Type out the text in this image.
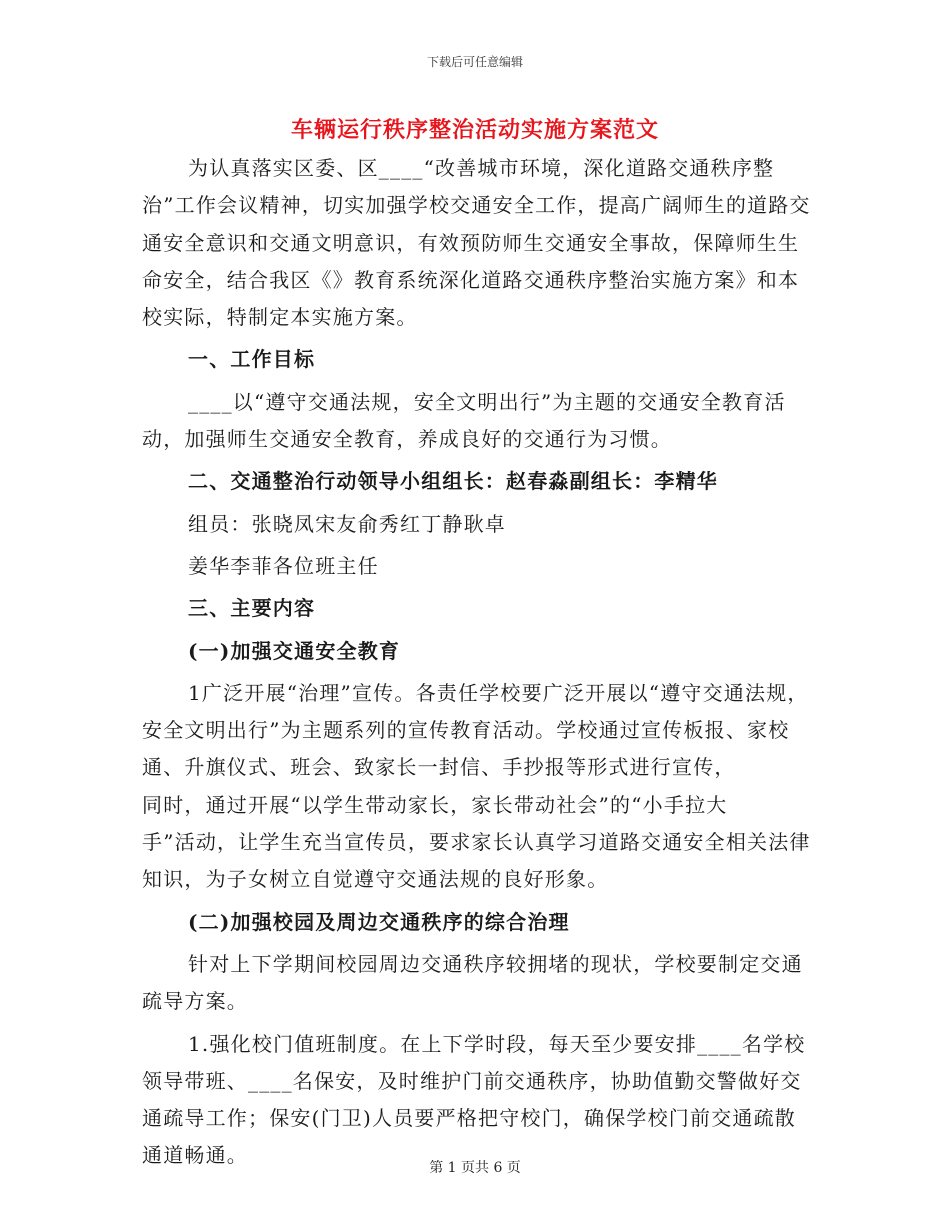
下载后可任意编辑
车辆运行秩序整治活动实施方案范文

为认真落实区委、区____“改善城市环境，深化道路交通秩序整治”工作会议精神，切实加强学校交通安全工作，提高广阔师生的道路交通安全意识和交通文明意识，有效预防师生交通安全事故，保障师生生命安全，结合我区《》教育系统深化道路交通秩序整治实施方案》和本校实际，特制定本实施方案。

一、工作目标

____以“遵守交通法规，安全文明出行”为主题的交通安全教育活动，加强师生交通安全教育，养成良好的交通行为习惯。

二、交通整治行动领导小组组长：赵春淼副组长：李精华

组员：张晓凤宋友俞秀红丁静耿卓

姜华李菲各位班主任

三、主要内容

(一)加强交通安全教育

1广泛开展“治理”宣传。各责任学校要广泛开展以“遵守交通法规，安全文明出行”为主题系列的宣传教育活动。学校通过宣传板报、家校通、升旗仪式、班会、致家长一封信、手抄报等形式进行宣传，

同时，通过开展“以学生带动家长，家长带动社会”的“小手拉大

手”活动，让学生充当宣传员，要求家长认真学习道路交通安全相关法律知识，为子女树立自觉遵守交通法规的良好形象。

(二)加强校园及周边交通秩序的综合治理

针对上下学期间校园周边交通秩序较拥堵的现状，学校要制定交通疏导方案。

1.强化校门值班制度。在上下学时段，每天至少要安排____名学校领导带班、____名保安，及时维护门前交通秩序，协助值勤交警做好交通疏导工作；保安(门卫)人员要严格把守校门，确保学校门前交通疏散通道畅通。

第 1 页共 6 页
